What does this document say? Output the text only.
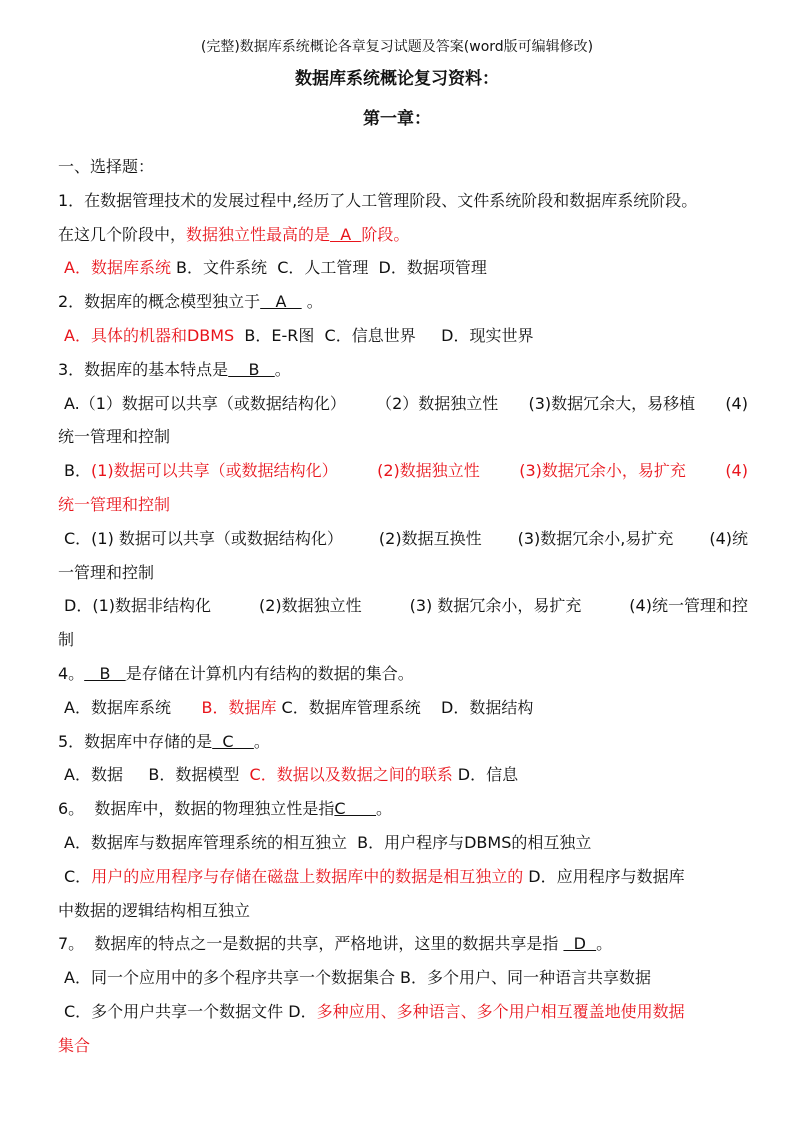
(完整)数据库系统概论各章复习试题及答案(word版可编辑修改)
数据库系统概论复习资料：
第一章：

一、选择题：

1．在数据管理技术的发展过程中,经历了人工管理阶段、文件系统阶段和数据库系统阶段。

在这几个阶段中，数据独立性最高的是  A  阶段。

A．数据库系统 B．文件系统  C．人工管理  D．数据项管理

2．数据库的概念模型独立于   A    。

A．具体的机器和DBMS  B．E-R图  C．信息世界     D．现实世界

3．数据库的基本特点是    B   。

A.（1）数据可以共享（或数据结构化） （2）数据独立性 (3)数据冗余大，易移植 (4)

统一管理和控制

B．(1)数据可以共享（或数据结构化） (2)数据独立性 (3)数据冗余小，易扩充 (4)

统一管理和控制

C．(1) 数据可以共享（或数据结构化） (2)数据互换性 (3)数据冗余小,易扩充 (4)统

一管理和控制

D．(1)数据非结构化	(2)数据独立性	(3) 数据冗余小，易扩充	(4)统一管理和控

制

4。   B   是存储在计算机内有结构的数据的集合。

A．数据库系统      B．数据库 C．数据库管理系统    D．数据结构

5．数据库中存储的是  C    。

A．数据     B．数据模型  C．数据以及数据之间的联系 D．信息

6。  数据库中，数据的物理独立性是指C      。

A．数据库与数据库管理系统的相互独立  B．用户程序与DBMS的相互独立

C．用户的应用程序与存储在磁盘上数据库中的数据是相互独立的 D．应用程序与数据库

中数据的逻辑结构相互独立

7。  数据库的特点之一是数据的共享，严格地讲，这里的数据共享是指   D  。

A．同一个应用中的多个程序共享一个数据集合 B．多个用户、同一种语言共享数据

C．多个用户共享一个数据文件 D．多种应用、多种语言、多个用户相互覆盖地使用数据

集合
